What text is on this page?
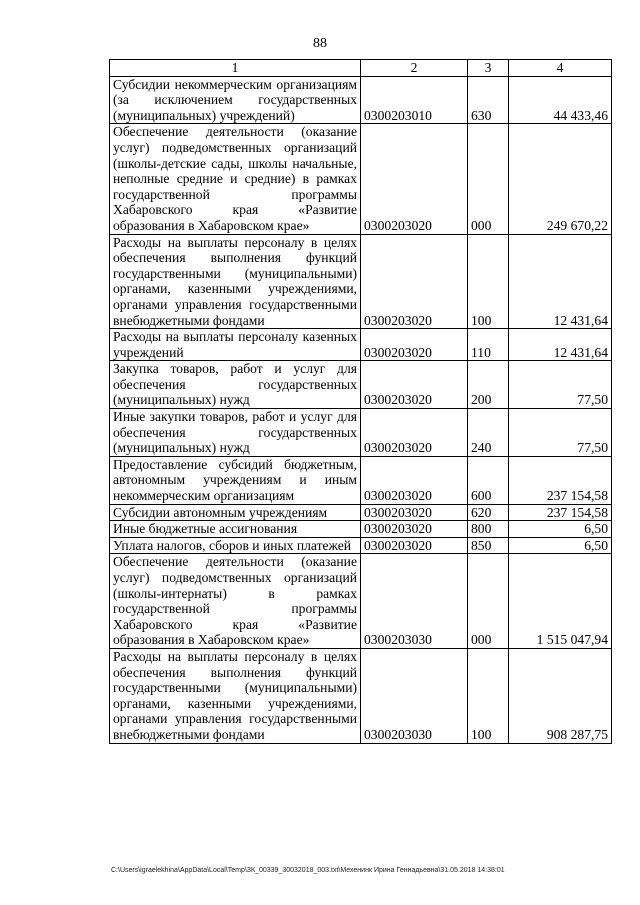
88
1	2	3	4
Субсидии некоммерческим организациям (за исключением государственных (муниципальных) учреждений)	0300203010	630	44 433,46
Обеспечение деятельности (оказание услуг) подведомственных организаций (школы-детские сады, школы начальные, неполные средние и средние) в рамках государственной программы Хабаровского края «Развитие образования в Хабаровском крае»	0300203020	000	249 670,22
Расходы на выплаты персоналу в целях обеспечения выполнения функций государственными (муниципальными) органами, казенными учреждениями, органами управления государственными внебюджетными фондами	0300203020	100	12 431,64
Расходы на выплаты персоналу казенных учреждений	0300203020	110	12 431,64
Закупка товаров, работ и услуг для обеспечения государственных (муниципальных) нужд	0300203020	200	77,50
Иные закупки товаров, работ и услуг для обеспечения государственных (муниципальных) нужд	0300203020	240	77,50
Предоставление субсидий бюджетным, автономным учреждениям и иным некоммерческим организациям	0300203020	600	237 154,58
Субсидии автономным учреждениям	0300203020	620	237 154,58
Иные бюджетные ассигнования	0300203020	800	6,50
Уплата налогов, сборов и иных платежей	0300203020	850	6,50
Обеспечение деятельности (оказание услуг) подведомственных организаций (школы-интернаты) в рамках государственной программы Хабаровского края «Развитие образования в Хабаровском крае»	0300203030	000	1 515 047,94
Расходы на выплаты персоналу в целях обеспечения выполнения функций государственными (муниципальными) органами, казенными учреждениями, органами управления государственными внебюджетными фондами	0300203030	100	908 287,75
C:\Users\igraelekhina\AppData\Local\Temp\ЗК_00339_30032018_003.txt\Мехенинк Ирина Геннадьевна\31.05.2018 14:38:01
